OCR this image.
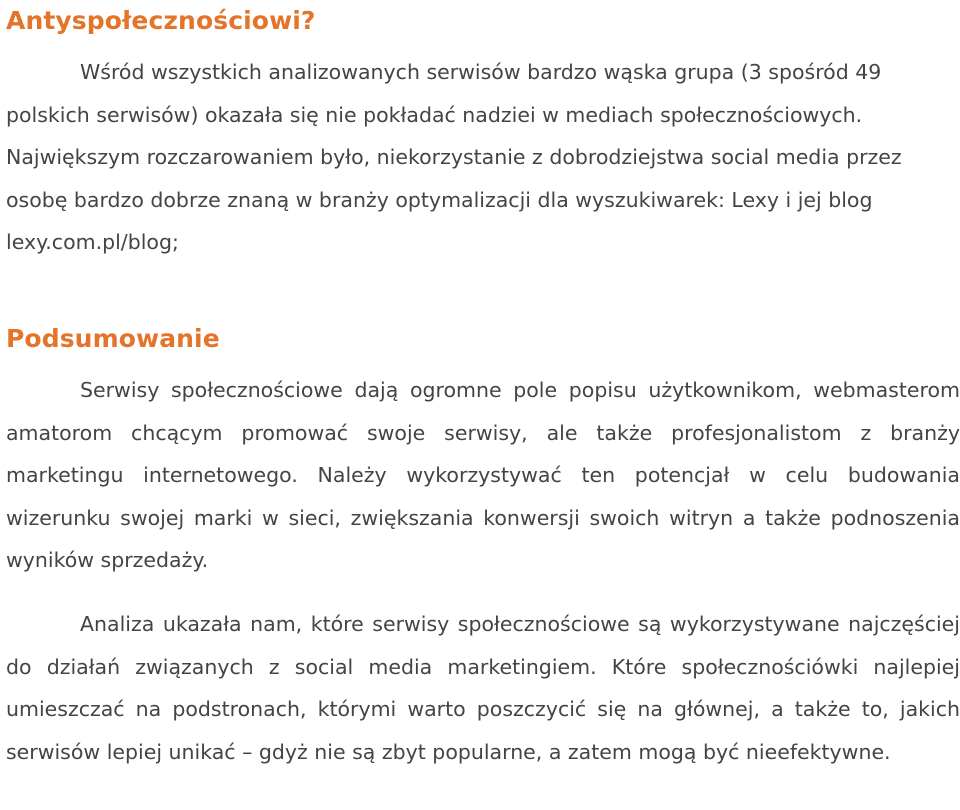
Antyspołecznościowi?

Wśród wszystkich analizowanych serwisów bardzo wąska grupa (3 spośród 49 polskich serwisów) okazała się nie pokładać nadziei w mediach społecznościowych. Największym rozczarowaniem było, niekorzystanie z dobrodziejstwa social media przez osobę bardzo dobrze znaną w branży optymalizacji dla wyszukiwarek: Lexy i jej blog lexy.com.pl/blog;

Podsumowanie

Serwisy społecznościowe dają ogromne pole popisu użytkownikom, webmasterom amatorom chcącym promować swoje serwisy, ale także profesjonalistom z branży marketingu internetowego. Należy wykorzystywać ten potencjał w celu budowania wizerunku swojej marki w sieci, zwiększania konwersji swoich witryn a także podnoszenia wyników sprzedaży.

Analiza ukazała nam, które serwisy społecznościowe są wykorzystywane najczęściej do działań związanych z social media marketingiem. Które społecznościówki najlepiej umieszczać na podstronach, którymi warto poszczycić się na głównej, a także to, jakich serwisów lepiej unikać – gdyż nie są zbyt popularne, a zatem mogą być nieefektywne.
